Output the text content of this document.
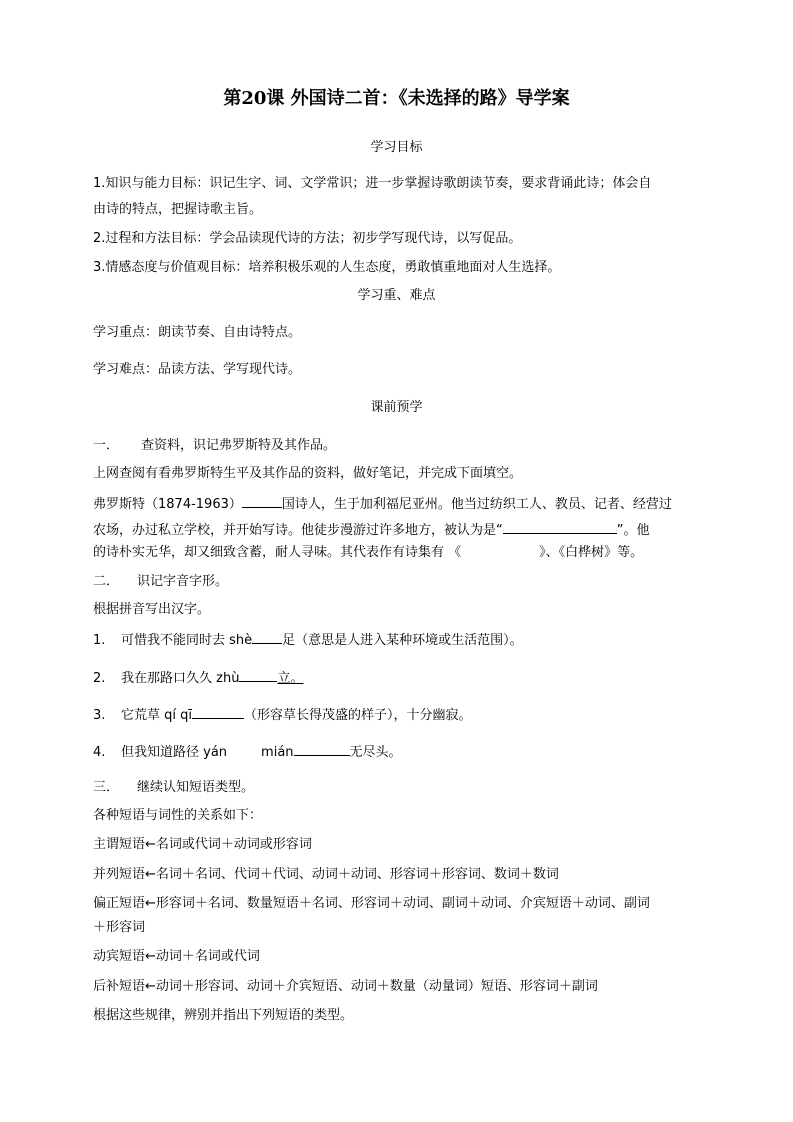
第20课 外国诗二首：《未选择的路》导学案
学习目标
1.知识与能力目标：识记生字、词、文学常识；进一步掌握诗歌朗读节奏，要求背诵此诗；体会自
由诗的特点，把握诗歌主旨。
2.过程和方法目标：学会品读现代诗的方法；初步学写现代诗，以写促品。
3.情感态度与价值观目标：培养积极乐观的人生态度，勇敢慎重地面对人生选择。
学习重、难点
学习重点：朗读节奏、自由诗特点。
学习难点：品读方法、学写现代诗。
课前预学
一． 查资料，识记弗罗斯特及其作品。
上网查阅有看弗罗斯特生平及其作品的资料，做好笔记，并完成下面填空。
弗罗斯特（1874-1963）	国诗人，生于加利福尼亚州。他当过纺织工人、教员、记者、经营过
农场，办过私立学校，并开始写诗。他徒步漫游过许多地方，被认为是“	”。他
的诗朴实无华，却又细致含蓄，耐人寻味。其代表作有诗集有 《	》、《白桦树》等。
二． 识记字音字形。
根据拼音写出汉字。
1. 可惜我不能同时去 shè 足（意思是人进入某种环境或生活范围）。
2. 我在那路口久久 zhù	立。
3. 它荒草 qí qī	（形容草长得茂盛的样子），十分幽寂。
4. 但我知道路径 yán	mián	无尽头。
三． 继续认知短语类型。
各种短语与词性的关系如下：
主谓短语←名词或代词＋动词或形容词
并列短语←名词＋名词、代词＋代词、动词＋动词、形容词＋形容词、数词＋数词
偏正短语←形容词＋名词、数量短语＋名词、形容词＋动词、副词＋动词、介宾短语＋动词、副词
＋形容词
动宾短语←动词＋名词或代词
后补短语←动词＋形容词、动词＋介宾短语、动词＋数量（动量词）短语、形容词＋副词
根据这些规律，辨别并指出下列短语的类型。
